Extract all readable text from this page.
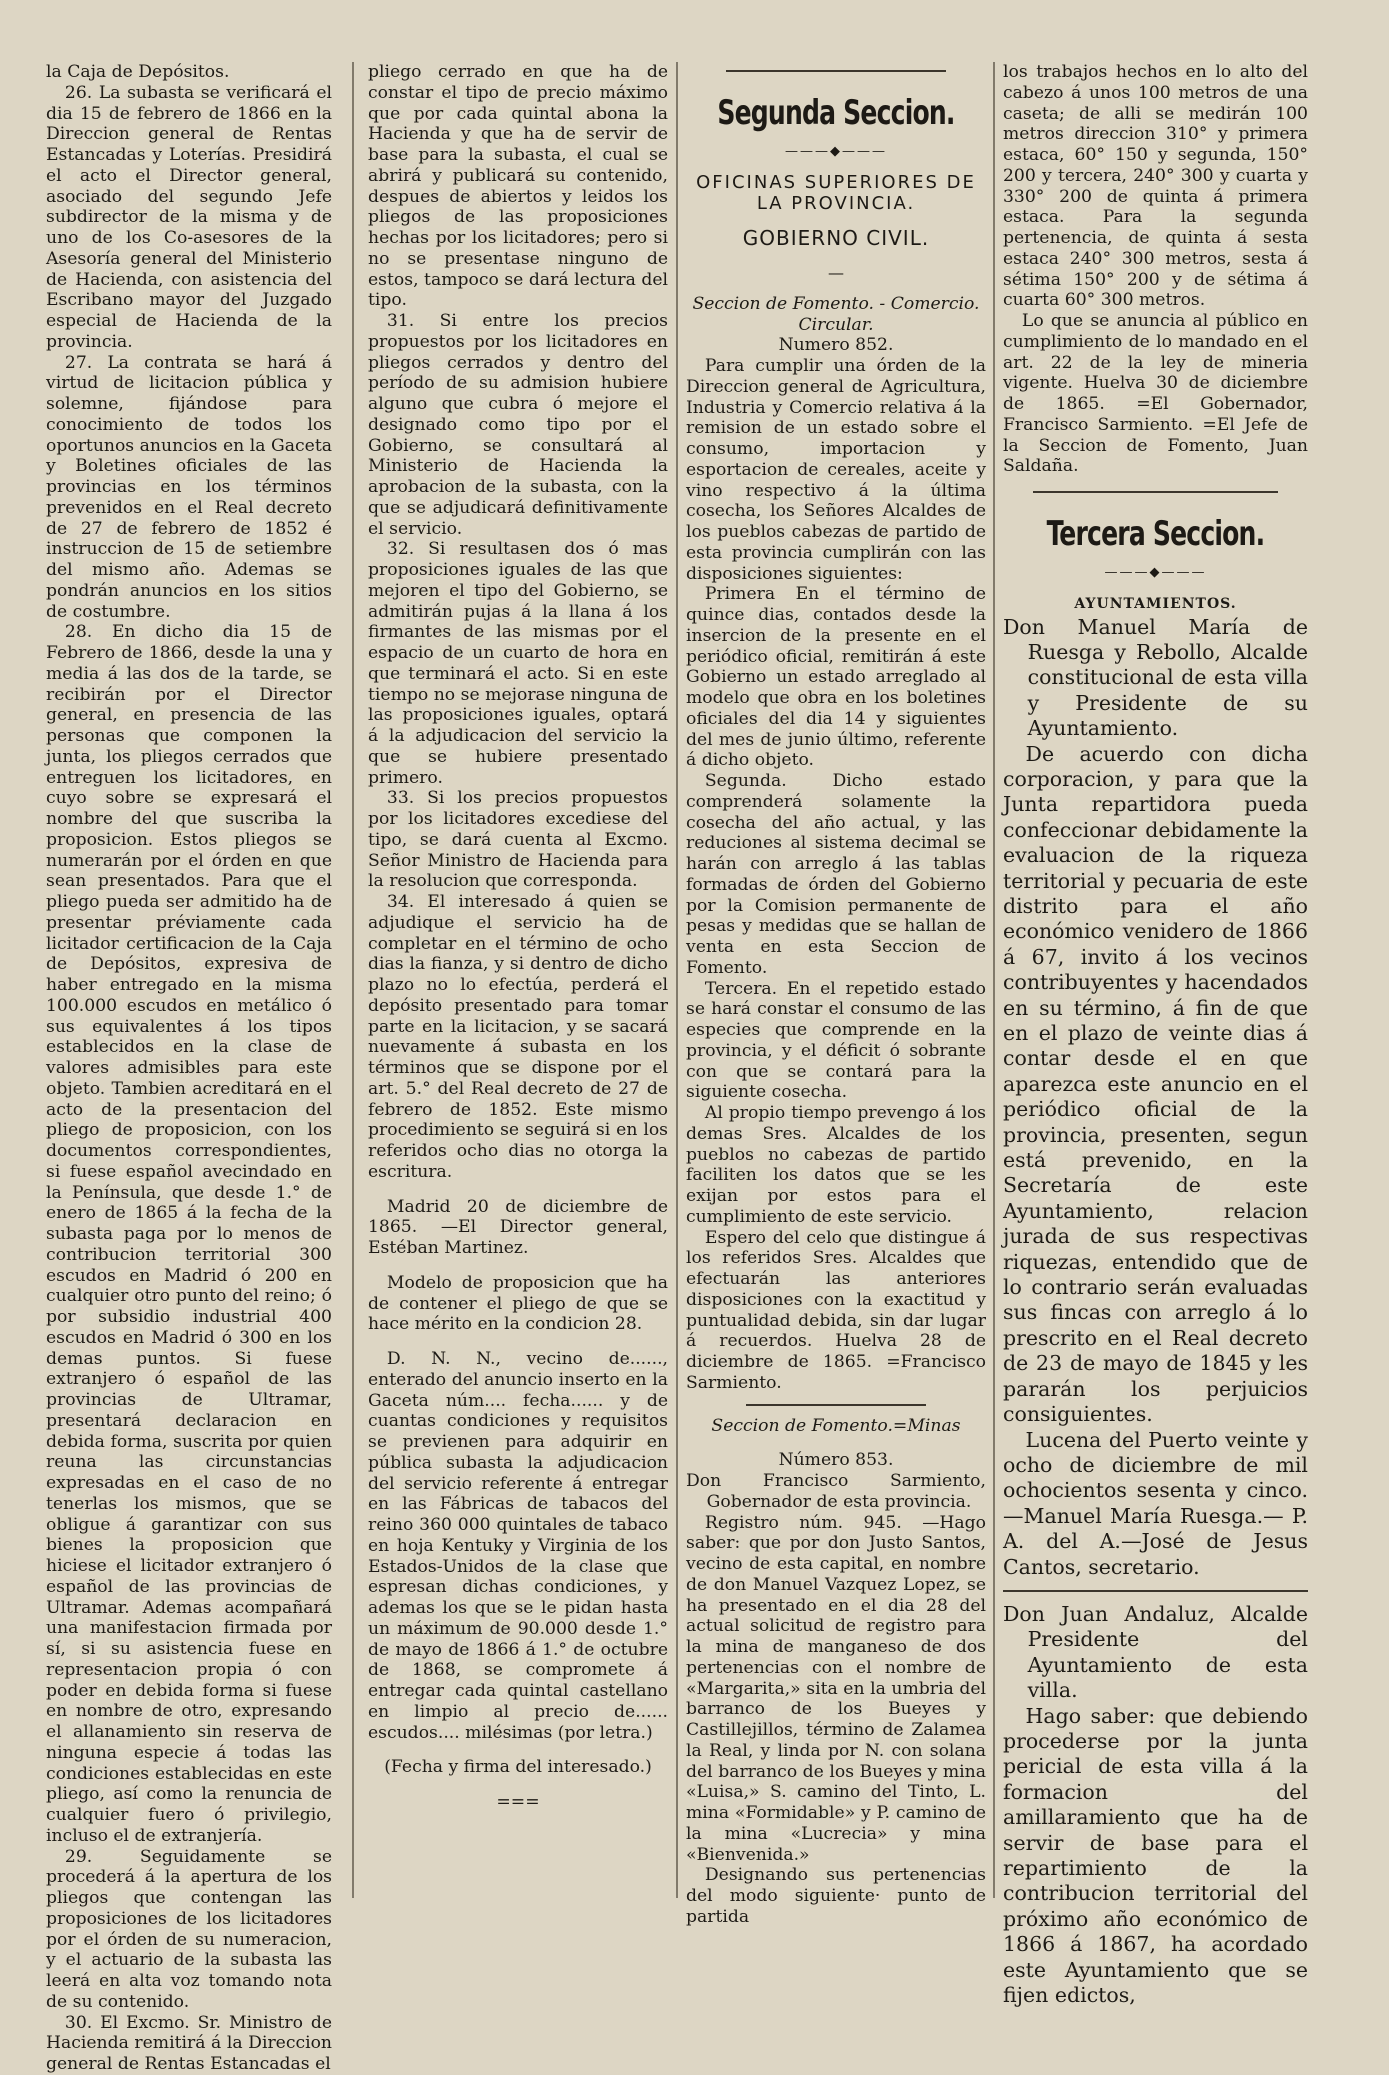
la Caja de Depósitos.

26. La subasta se verificará el dia 15 de febrero de 1866 en la Direccion general de Rentas Estancadas y Loterías. Presidirá el acto el Director general, asociado del segundo Jefe subdirector de la misma y de uno de los Co-asesores de la Asesoría general del Ministerio de Hacienda, con asistencia del Escribano mayor del Juzgado especial de Hacienda de la provincia.

27. La contrata se hará á virtud de licitacion pública y solemne, fijándose para conocimiento de todos los oportunos anuncios en la Gaceta y Boletines oficiales de las provincias en los términos prevenidos en el Real decreto de 27 de febrero de 1852 é instruccion de 15 de setiembre del mismo año. Ademas se pondrán anuncios en los sitios de costumbre.

28. En dicho dia 15 de Febrero de 1866, desde la una y media á las dos de la tarde, se recibirán por el Director general, en presencia de las personas que componen la junta, los pliegos cerrados que entreguen los licitadores, en cuyo sobre se expresará el nombre del que suscriba la proposicion. Estos pliegos se numerarán por el órden en que sean presentados. Para que el pliego pueda ser admitido ha de presentar préviamente cada licitador certificacion de la Caja de Depósitos, expresiva de haber entregado en la misma 100.000 escudos en metálico ó sus equivalentes á los tipos establecidos en la clase de valores admisibles para este objeto. Tambien acreditará en el acto de la presentacion del pliego de proposicion, con los documentos correspondientes, si fuese español avecindado en la Península, que desde 1.° de enero de 1865 á la fecha de la subasta paga por lo menos de contribucion territorial 300 escudos en Madrid ó 200 en cualquier otro punto del reino; ó por subsidio industrial 400 escudos en Madrid ó 300 en los demas puntos. Si fuese extranjero ó español de las provincias de Ultramar, presentará declaracion en debida forma, suscrita por quien reuna las circunstancias expresadas en el caso de no tenerlas los mismos, que se obligue á garantizar con sus bienes la proposicion que hiciese el licitador extranjero ó español de las provincias de Ultramar. Ademas acompañará una manifestacion firmada por sí, si su asistencia fuese en representacion propia ó con poder en debida forma si fuese en nombre de otro, expresando el allanamiento sin reserva de ninguna especie á todas las condiciones establecidas en este pliego, así como la renuncia de cualquier fuero ó privilegio, incluso el de extranjería.

29. Seguidamente se procederá á la apertura de los pliegos que contengan las proposiciones de los licitadores por el órden de su numeracion, y el actuario de la subasta las leerá en alta voz tomando nota de su contenido.

30. El Excmo. Sr. Ministro de Hacienda remitirá á la Direccion general de Rentas Estancadas el

pliego cerrado en que ha de constar el tipo de precio máximo que por cada quintal abona la Hacienda y que ha de servir de base para la subasta, el cual se abrirá y publicará su contenido, despues de abiertos y leidos los pliegos de las proposiciones hechas por los licitadores; pero si no se presentase ninguno de estos, tampoco se dará lectura del tipo.

31. Si entre los precios propuestos por los licitadores en pliegos cerrados y dentro del período de su admision hubiere alguno que cubra ó mejore el designado como tipo por el Gobierno, se consultará al Ministerio de Hacienda la aprobacion de la subasta, con la que se adjudicará definitivamente el servicio.

32. Si resultasen dos ó mas proposiciones iguales de las que mejoren el tipo del Gobierno, se admitirán pujas á la llana á los firmantes de las mismas por el espacio de un cuarto de hora en que terminará el acto. Si en este tiempo no se mejorase ninguna de las proposiciones iguales, optará á la adjudicacion del servicio la que se hubiere presentado primero.

33. Si los precios propuestos por los licitadores excediese del tipo, se dará cuenta al Excmo. Señor Ministro de Hacienda para la resolucion que corresponda.

34. El interesado á quien se adjudique el servicio ha de completar en el término de ocho dias la fianza, y si dentro de dicho plazo no lo efectúa, perderá el depósito presentado para tomar parte en la licitacion, y se sacará nuevamente á subasta en los términos que se dispone por el art. 5.° del Real decreto de 27 de febrero de 1852. Este mismo procedimiento se seguirá si en los referidos ocho dias no otorga la escritura.

Madrid 20 de diciembre de 1865. —El Director general, Estéban Martinez.

Modelo de proposicion que ha de contener el pliego de que se hace mérito en la condicion 28.

D. N. N., vecino de......, enterado del anuncio inserto en la Gaceta núm.... fecha...... y de cuantas condiciones y requisitos se previenen para adquirir en pública subasta la adjudicacion del servicio referente á entregar en las Fábricas de tabacos del reino 360 000 quintales de tabaco en hoja Kentuky y Virginia de los Estados-Unidos de la clase que espresan dichas condiciones, y ademas los que se le pidan hasta un máximum de 90.000 desde 1.° de mayo de 1866 á 1.° de octubre de 1868, se compromete á entregar cada quintal castellano en limpio al precio de...... escudos.... milésimas (por letra.)

(Fecha y firma del interesado.)

===

Segunda Seccion.
———◆———
OFICINAS SUPERIORES DE LA PROVINCIA.
GOBIERNO CIVIL.
—

Seccion de Fomento. - Comercio. Circular.

Numero 852.

Para cumplir una órden de la Direccion general de Agricultura, Industria y Comercio relativa á la remision de un estado sobre el consumo, importacion y esportacion de cereales, aceite y vino respectivo á la última cosecha, los Señores Alcaldes de los pueblos cabezas de partido de esta provincia cumplirán con las disposiciones siguientes:

Primera En el término de quince dias, contados desde la insercion de la presente en el periódico oficial, remitirán á este Gobierno un estado arreglado al modelo que obra en los boletines oficiales del dia 14 y siguientes del mes de junio último, referente á dicho objeto.

Segunda. Dicho estado comprenderá solamente la cosecha del año actual, y las reduciones al sistema decimal se harán con arreglo á las tablas formadas de órden del Gobierno por la Comision permanente de pesas y medidas que se hallan de venta en esta Seccion de Fomento.

Tercera. En el repetido estado se hará constar el consumo de las especies que comprende en la provincia, y el déficit ó sobrante con que se contará para la siguiente cosecha.

Al propio tiempo prevengo á los demas Sres. Alcaldes de los pueblos no cabezas de partido faciliten los datos que se les exijan por estos para el cumplimiento de este servicio.

Espero del celo que distingue á los referidos Sres. Alcaldes que efectuarán las anteriores disposiciones con la exactitud y puntualidad debida, sin dar lugar á recuerdos. Huelva 28 de diciembre de 1865. =Francisco Sarmiento.

Seccion de Fomento.=Minas

Número 853.

Don Francisco Sarmiento, Gobernador de esta provincia.

Registro núm. 945. —Hago saber: que por don Justo Santos, vecino de esta capital, en nombre de don Manuel Vazquez Lopez, se ha presentado en el dia 28 del actual solicitud de registro para la mina de manganeso de dos pertenencias con el nombre de «Margarita,» sita en la umbria del barranco de los Bueyes y Castillejillos, término de Zalamea la Real, y linda por N. con solana del barranco de los Bueyes y mina «Luisa,» S. camino del Tinto, L. mina «Formidable» y P. camino de la mina «Lucrecia» y mina «Bienvenida.»

Designando sus pertenencias del modo siguiente· punto de partida

los trabajos hechos en lo alto del cabezo á unos 100 metros de una caseta; de alli se medirán 100 metros direccion 310° y primera estaca, 60° 150 y segunda, 150° 200 y tercera, 240° 300 y cuarta y 330° 200 de quinta á primera estaca. Para la segunda pertenencia, de quinta á sesta estaca 240° 300 metros, sesta á sétima 150° 200 y de sétima á cuarta 60° 300 metros.

Lo que se anuncia al público en cumplimiento de lo mandado en el art. 22 de la ley de mineria vigente. Huelva 30 de diciembre de 1865. =El Gobernador, Francisco Sarmiento. =El Jefe de la Seccion de Fomento, Juan Saldaña.

Tercera Seccion.
———◆———

AYUNTAMIENTOS.

Don Manuel María de Ruesga y Rebollo, Alcalde constitucional de esta villa y Presidente de su Ayuntamiento.

De acuerdo con dicha corporacion, y para que la Junta repartidora pueda confeccionar debidamente la evaluacion de la riqueza territorial y pecuaria de este distrito para el año económico venidero de 1866 á 67, invito á los vecinos contribuyentes y hacendados en su término, á fin de que en el plazo de veinte dias á contar desde el en que aparezca este anuncio en el periódico oficial de la provincia, presenten, segun está prevenido, en la Secretaría de este Ayuntamiento, relacion jurada de sus respectivas riquezas, entendido que de lo contrario serán evaluadas sus fincas con arreglo á lo prescrito en el Real decreto de 23 de mayo de 1845 y les pararán los perjuicios consiguientes.

Lucena del Puerto veinte y ocho de diciembre de mil ochocientos sesenta y cinco. —Manuel María Ruesga.— P. A. del A.—José de Jesus Cantos, secretario.

Don Juan Andaluz, Alcalde Presidente del Ayuntamiento de esta villa.

Hago saber: que debiendo procederse por la junta pericial de esta villa á la formacion del amillaramiento que ha de servir de base para el repartimiento de la contribucion territorial del próximo año económico de 1866 á 1867, ha acordado este Ayuntamiento que se fijen edictos,
